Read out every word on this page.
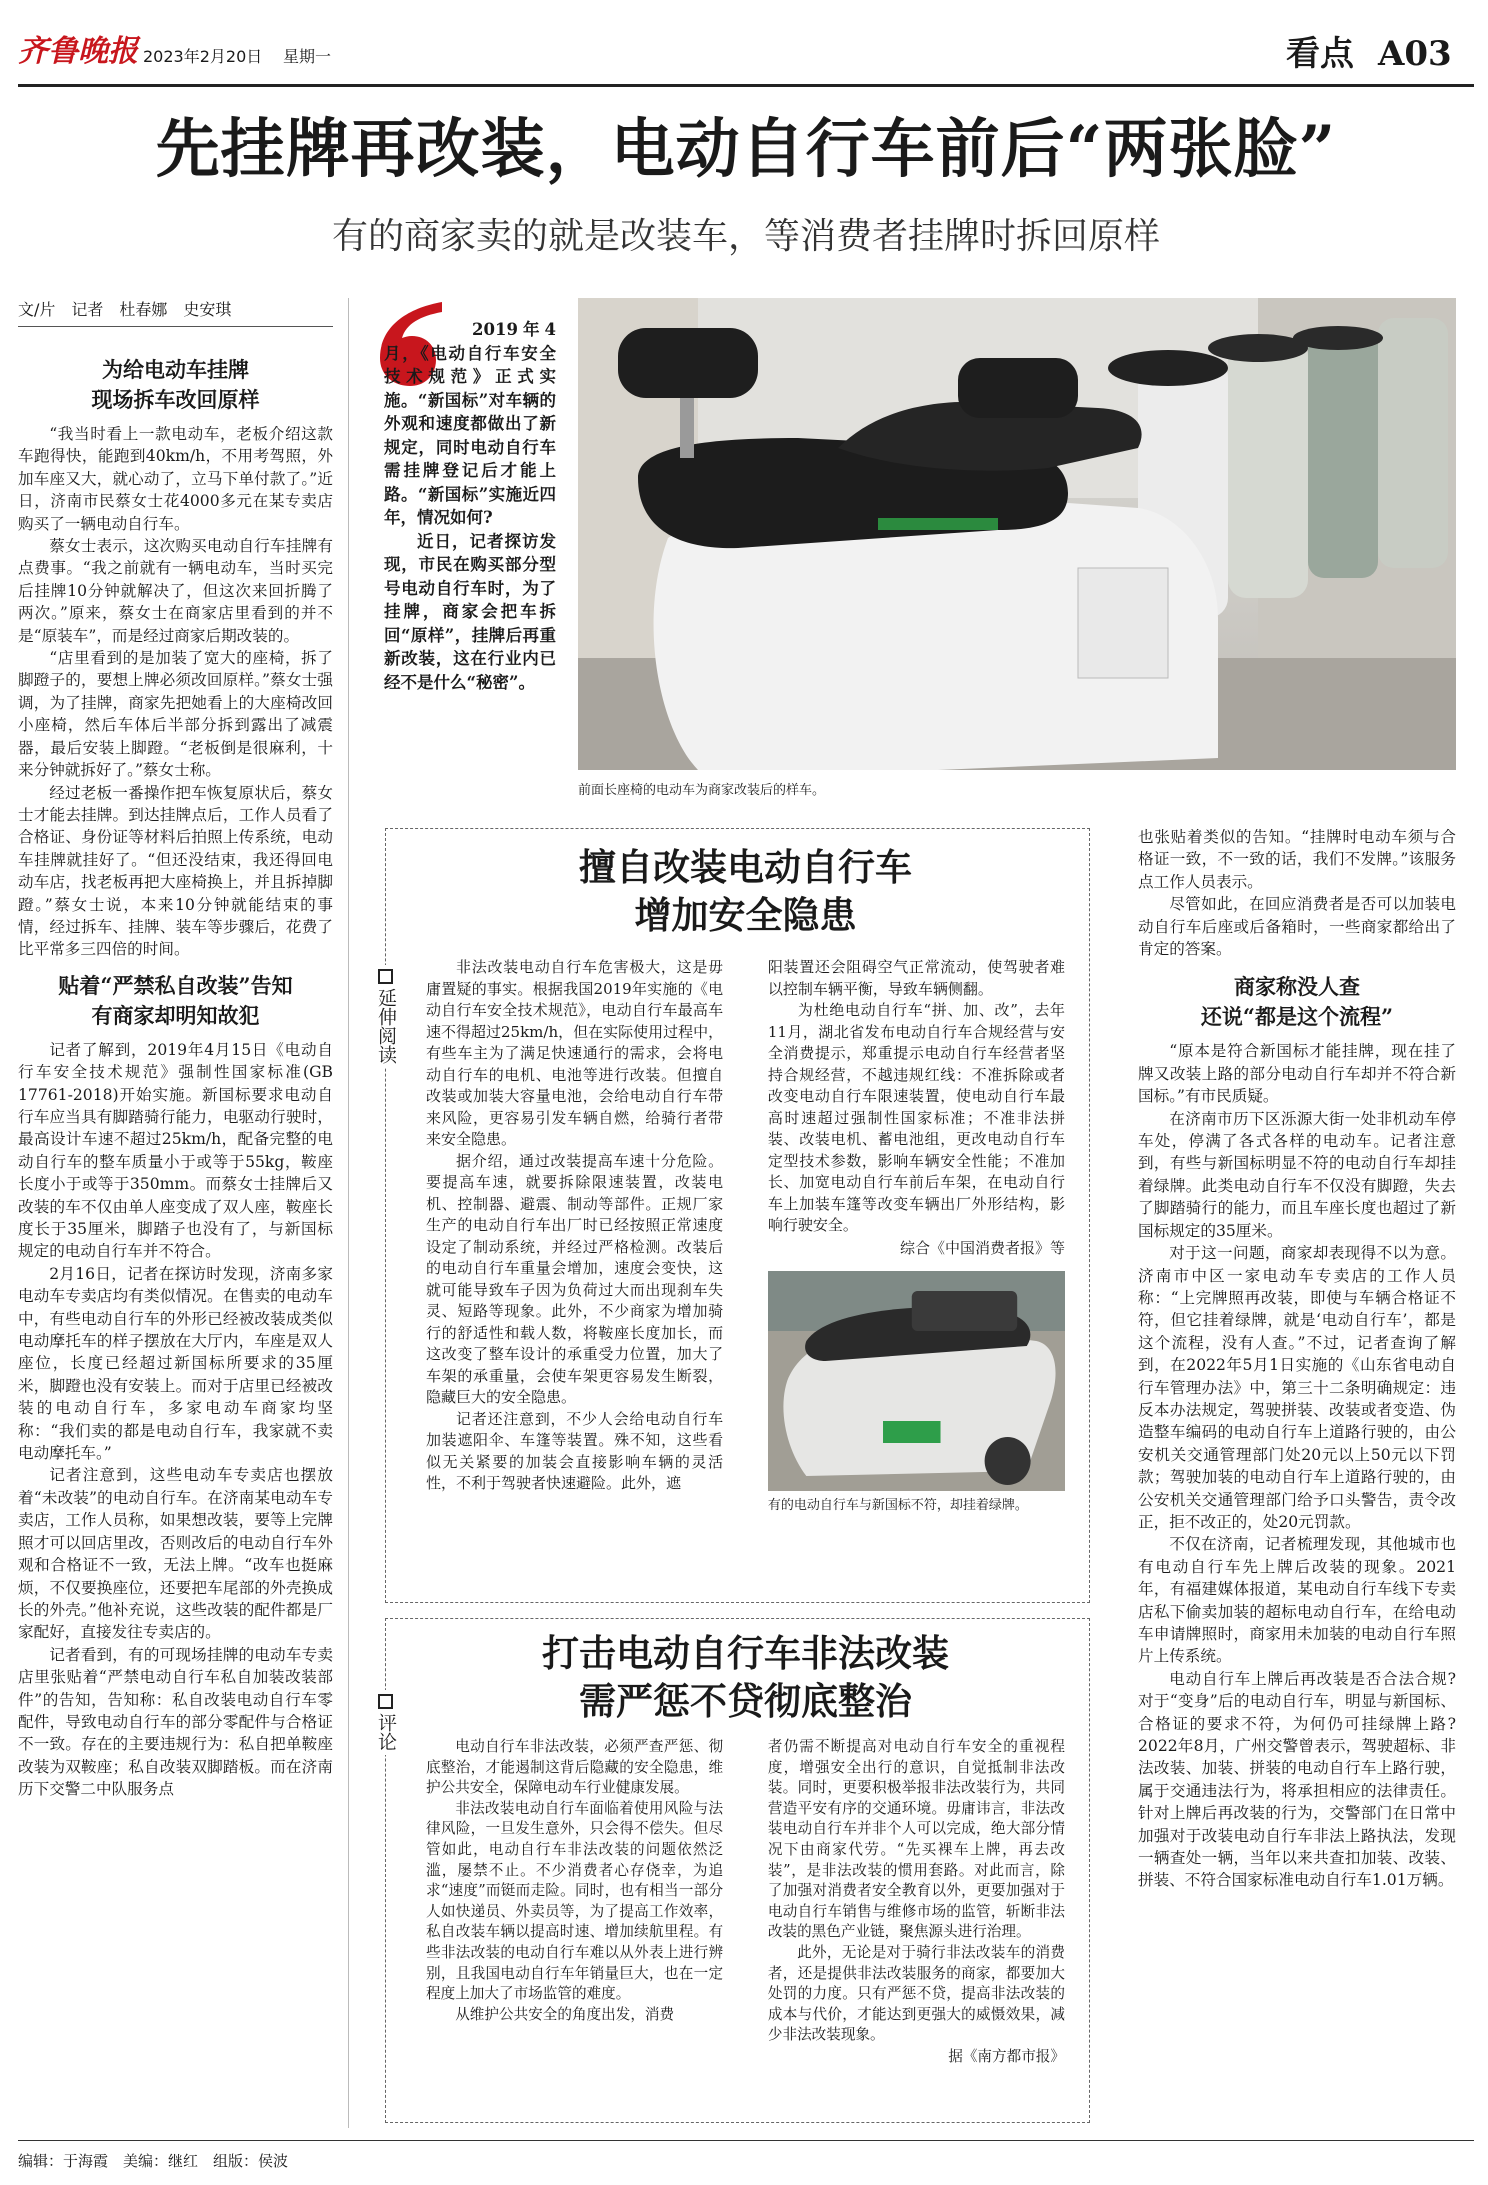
齐鲁晚报 2023年2月20日 星期一	看点 A03
先挂牌再改装，电动自行车前后“两张脸”
有的商家卖的就是改装车，等消费者挂牌时拆回原样
文/片　记者　杜春娜　史安琪

2019年4月，《电动自行车安全技术规范》正式实施。“新国标”对车辆的外观和速度都做出了新规定，同时电动自行车需挂牌登记后才能上路。“新国标”实施近四年，情况如何?

近日，记者探访发现，市民在购买部分型号电动自行车时，为了挂牌，商家会把车拆回“原样”，挂牌后再重新改装，这在行业内已经不是什么“秘密”。

前面长座椅的电动车为商家改装后的样车。
为给电动车挂牌
现场拆车改回原样

“我当时看上一款电动车，老板介绍这款车跑得快，能跑到40km/h，不用考驾照，外加车座又大，就心动了，立马下单付款了。”近日，济南市民蔡女士花4000多元在某专卖店购买了一辆电动自行车。

蔡女士表示，这次购买电动自行车挂牌有点费事。“我之前就有一辆电动车，当时买完后挂牌10分钟就解决了，但这次来回折腾了两次。”原来，蔡女士在商家店里看到的并不是“原装车”，而是经过商家后期改装的。

“店里看到的是加装了宽大的座椅，拆了脚蹬子的，要想上牌必须改回原样。”蔡女士强调，为了挂牌，商家先把她看上的大座椅改回小座椅，然后车体后半部分拆到露出了减震器，最后安装上脚蹬。“老板倒是很麻利，十来分钟就拆好了。”蔡女士称。

经过老板一番操作把车恢复原状后，蔡女士才能去挂牌。到达挂牌点后，工作人员看了合格证、身份证等材料后拍照上传系统，电动车挂牌就挂好了。“但还没结束，我还得回电动车店，找老板再把大座椅换上，并且拆掉脚蹬。”蔡女士说，本来10分钟就能结束的事情，经过拆车、挂牌、装车等步骤后，花费了比平常多三四倍的时间。

贴着“严禁私自改装”告知
有商家却明知故犯

记者了解到，2019年4月15日《电动自行车安全技术规范》强制性国家标准(GB 17761-2018)开始实施。新国标要求电动自行车应当具有脚踏骑行能力，电驱动行驶时，最高设计车速不超过25km/h，配备完整的电动自行车的整车质量小于或等于55kg，鞍座长度小于或等于350mm。而蔡女士挂牌后又改装的车不仅由单人座变成了双人座，鞍座长度长于35厘米，脚踏子也没有了，与新国标规定的电动自行车并不符合。

2月16日，记者在探访时发现，济南多家电动车专卖店均有类似情况。在售卖的电动车中，有些电动自行车的外形已经被改装成类似电动摩托车的样子摆放在大厅内，车座是双人座位，长度已经超过新国标所要求的35厘米，脚蹬也没有安装上。而对于店里已经被改装的电动自行车，多家电动车商家均坚称：“我们卖的都是电动自行车，我家就不卖电动摩托车。”

记者注意到，这些电动车专卖店也摆放着“未改装”的电动自行车。在济南某电动车专卖店，工作人员称，如果想改装，要等上完牌照才可以回店里改，否则改后的电动自行车外观和合格证不一致，无法上牌。“改车也挺麻烦，不仅要换座位，还要把车尾部的外壳换成长的外壳。”他补充说，这些改装的配件都是厂家配好，直接发往专卖店的。

记者看到，有的可现场挂牌的电动车专卖店里张贴着“严禁电动自行车私自加装改装部件”的告知，告知称：私自改装电动自行车零配件，导致电动自行车的部分零配件与合格证不一致。存在的主要违规行为：私自把单鞍座改装为双鞍座；私自改装双脚踏板。而在济南历下交警二中队服务点

擅自改装电动自行车
增加安全隐患

非法改装电动自行车危害极大，这是毋庸置疑的事实。根据我国2019年实施的《电动自行车安全技术规范》，电动自行车最高车速不得超过25km/h，但在实际使用过程中，有些车主为了满足快速通行的需求，会将电动自行车的电机、电池等进行改装。但擅自改装或加装大容量电池，会给电动自行车带来风险，更容易引发车辆自燃，给骑行者带来安全隐患。

据介绍，通过改装提高车速十分危险。要提高车速，就要拆除限速装置，改装电机、控制器、避震、制动等部件。正规厂家生产的电动自行车出厂时已经按照正常速度设定了制动系统，并经过严格检测。改装后的电动自行车重量会增加，速度会变快，这就可能导致车子因为负荷过大而出现刹车失灵、短路等现象。此外，不少商家为增加骑行的舒适性和载人数，将鞍座长度加长，而这改变了整车设计的承重受力位置，加大了车架的承重量，会使车架更容易发生断裂，隐藏巨大的安全隐患。

记者还注意到，不少人会给电动自行车加装遮阳伞、车篷等装置。殊不知，这些看似无关紧要的加装会直接影响车辆的灵活性，不利于驾驶者快速避险。此外，遮

阳装置还会阻碍空气正常流动，使驾驶者难以控制车辆平衡，导致车辆侧翻。

为杜绝电动自行车“拼、加、改”，去年11月，湖北省发布电动自行车合规经营与安全消费提示，郑重提示电动自行车经营者坚持合规经营，不越违规红线：不准拆除或者改变电动自行车限速装置，使电动自行车最高时速超过强制性国家标准；不准非法拼装、改装电机、蓄电池组，更改电动自行车定型技术参数，影响车辆安全性能；不准加长、加宽电动自行车前后车架，在电动自行车上加装车篷等改变车辆出厂外形结构，影响行驶安全。

综合《中国消费者报》等

有的电动自行车与新国标不符，却挂着绿牌。
延伸阅读
打击电动自行车非法改装
需严惩不贷彻底整治

电动自行车非法改装，必须严查严惩、彻底整治，才能遏制这背后隐藏的安全隐患，维护公共安全，保障电动车行业健康发展。

非法改装电动自行车面临着使用风险与法律风险，一旦发生意外，只会得不偿失。但尽管如此，电动自行车非法改装的问题依然泛滥，屡禁不止。不少消费者心存侥幸，为追求“速度”而铤而走险。同时，也有相当一部分人如快递员、外卖员等，为了提高工作效率，私自改装车辆以提高时速、增加续航里程。有些非法改装的电动自行车难以从外表上进行辨别，且我国电动自行车年销量巨大，也在一定程度上加大了市场监管的难度。

从维护公共安全的角度出发，消费

者仍需不断提高对电动自行车安全的重视程度，增强安全出行的意识，自觉抵制非法改装。同时，更要积极举报非法改装行为，共同营造平安有序的交通环境。毋庸讳言，非法改装电动自行车并非个人可以完成，绝大部分情况下由商家代劳。“先买裸车上牌，再去改装”，是非法改装的惯用套路。对此而言，除了加强对消费者安全教育以外，更要加强对于电动自行车销售与维修市场的监管，斩断非法改装的黑色产业链，聚焦源头进行治理。

此外，无论是对于骑行非法改装车的消费者，还是提供非法改装服务的商家，都要加大处罚的力度。只有严惩不贷，提高非法改装的成本与代价，才能达到更强大的威慑效果，减少非法改装现象。

据《南方都市报》

评论

也张贴着类似的告知。“挂牌时电动车须与合格证一致，不一致的话，我们不发牌。”该服务点工作人员表示。

尽管如此，在回应消费者是否可以加装电动自行车后座或后备箱时，一些商家都给出了肯定的答案。

商家称没人查
还说“都是这个流程”

“原本是符合新国标才能挂牌，现在挂了牌又改装上路的部分电动自行车却并不符合新国标。”有市民质疑。

在济南市历下区泺源大街一处非机动车停车处，停满了各式各样的电动车。记者注意到，有些与新国标明显不符的电动自行车却挂着绿牌。此类电动自行车不仅没有脚蹬，失去了脚踏骑行的能力，而且车座长度也超过了新国标规定的35厘米。

对于这一问题，商家却表现得不以为意。济南市中区一家电动车专卖店的工作人员称：“上完牌照再改装，即使与车辆合格证不符，但它挂着绿牌，就是‘电动自行车’，都是这个流程，没有人查。”不过，记者查询了解到，在2022年5月1日实施的《山东省电动自行车管理办法》中，第三十二条明确规定：违反本办法规定，驾驶拼装、改装或者变造、伪造整车编码的电动自行车上道路行驶的，由公安机关交通管理部门处20元以上50元以下罚款；驾驶加装的电动自行车上道路行驶的，由公安机关交通管理部门给予口头警告，责令改正，拒不改正的，处20元罚款。

不仅在济南，记者梳理发现，其他城市也有电动自行车先上牌后改装的现象。2021年，有福建媒体报道，某电动自行车线下专卖店私下偷卖加装的超标电动自行车，在给电动车申请牌照时，商家用未加装的电动自行车照片上传系统。

电动自行车上牌后再改装是否合法合规?对于“变身”后的电动自行车，明显与新国标、合格证的要求不符，为何仍可挂绿牌上路?2022年8月，广州交警曾表示，驾驶超标、非法改装、加装、拼装的电动自行车上路行驶，属于交通违法行为，将承担相应的法律责任。针对上牌后再改装的行为，交警部门在日常中加强对于改装电动自行车非法上路执法，发现一辆查处一辆，当年以来共查扣加装、改装、拼装、不符合国家标准电动自行车1.01万辆。

编辑：于海霞　美编：继红　组版：侯波
